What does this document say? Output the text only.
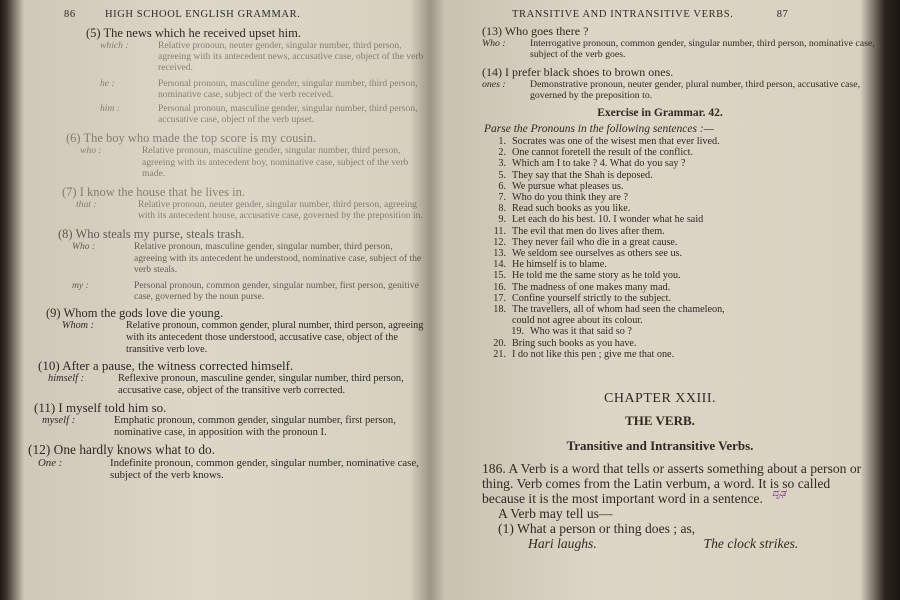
86	HIGH SCHOOL ENGLISH GRAMMAR.
(5) The news which he received upset him.
which :	Relative pronoun, neuter gender, singular number, third person, agreeing with its antecedent news, accusative case, object of the verb received.
he :	Personal pronoun, masculine gender, singular number, third person, nominative case, subject of the verb received.
him :	Personal pronoun, masculine gender, singular number, third person, accusative case, object of the verb upset.
(6) The boy who made the top score is my cousin.
who :	Relative pronoun, masculine gender, singular number, third person, agreeing with its antecedent boy, nominative case, subject of the verb made.
(7) I know the house that he lives in.
that :	Relative pronoun, neuter gender, singular number, third person, agreeing with its antecedent house, accusative case, governed by the preposition in.
(8) Who steals my purse, steals trash.
Who :	Relative pronoun, masculine gender, singular number, third person, agreeing with its antecedent he understood, nominative case, subject of the verb steals.
my :	Personal pronoun, common gender, singular number, first person, genitive case, governed by the noun purse.
(9) Whom the gods love die young.
Whom :	Relative pronoun, common gender, plural number, third person, agreeing with its antecedent those understood, accusative case, object of the transitive verb love.
(10) After a pause, the witness corrected himself.
himself :	Reflexive pronoun, masculine gender, singular number, third person, accusative case, object of the transitive verb corrected.
(11) I myself told him so.
myself :	Emphatic pronoun, common gender, singular number, first person, nominative case, in apposition with the pronoun I.
(12) One hardly knows what to do.
One :	Indefinite pronoun, common gender, singular number, nominative case, subject of the verb knows.
TRANSITIVE AND INTRANSITIVE VERBS.	87
(13) Who goes there ?
Who :	Interrogative pronoun, common gender, singular number, third person, nominative case, subject of the verb goes.
(14) I prefer black shoes to brown ones.
ones :	Demonstrative pronoun, neuter gender, plural number, third person, accusative case, governed by the preposition to.
Exercise in Grammar. 42.
Parse the Pronouns in the following sentences :—
1. Socrates was one of the wisest men that ever lived.
2. One cannot foretell the result of the conflict.
3. Which am I to take ? 4. What do you say ?
5. They say that the Shah is deposed.
6. We pursue what pleases us.
7. Who do you think they are ?
8. Read such books as you like.
9. Let each do his best. 10. I wonder what he said
11. The evil that men do lives after them.
12. They never fail who die in a great cause.
13. We seldom see ourselves as others see us.
14. He himself is to blame.
15. He told me the same story as he told you.
16. The madness of one makes many mad.
17. Confine yourself strictly to the subject.
18. The travellers, all of whom had seen the chameleon,
could not agree about its colour.
19. Who was it that said so ?
20. Bring such books as you have.
21. I do not like this pen ; give me that one.
CHAPTER XXIII.
THE VERB.
Transitive and Intransitive Verbs.
186. A Verb is a word that tells or asserts something about a person or thing. Verb comes from the Latin verbum, a word. It is so called because it is the most important word in a sentence.
A Verb may tell us—
(1) What a person or thing does ; as,
Hari laughs.	The clock strikes.
ದೃಢ
